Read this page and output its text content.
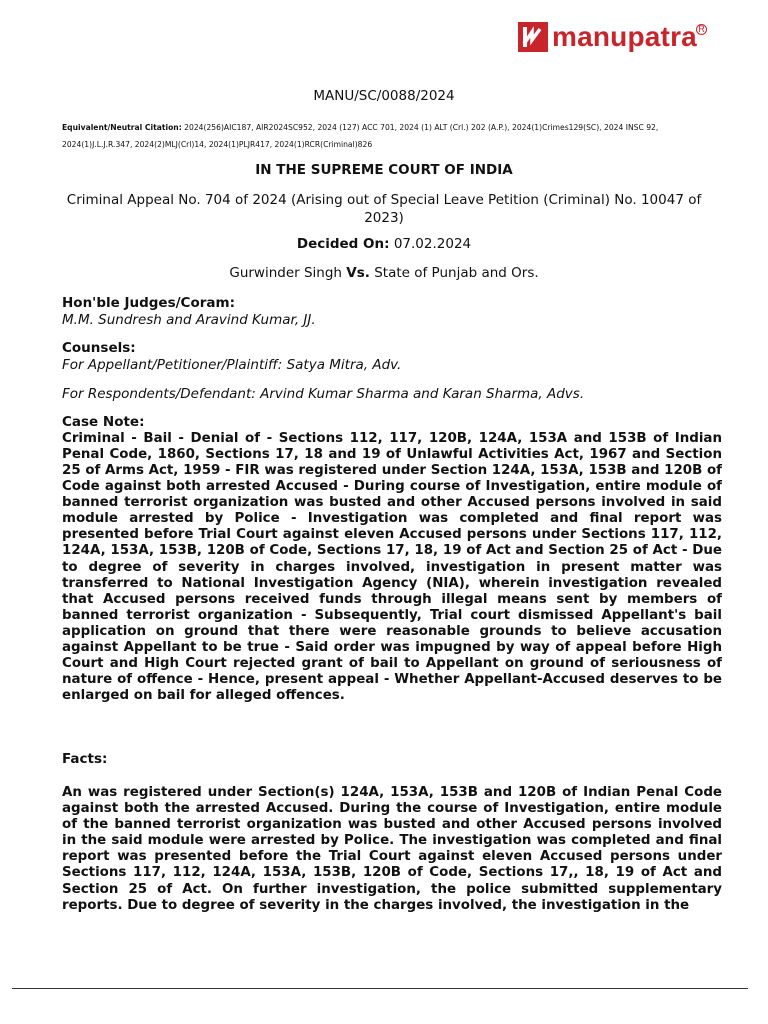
manupatra R
MANU/SC/0088/2024
Equivalent/Neutral Citation: 2024(256)AIC187, AIR2024SC952, 2024 (127) ACC 701, 2024 (1) ALT (Crl.) 202 (A.P.), 2024(1)Crimes129(SC), 2024 INSC 92, 2024(1)J.L.J.R.347, 2024(2)MLJ(Crl)14, 2024(1)PLJR417, 2024(1)RCR(Criminal)826
IN THE SUPREME COURT OF INDIA
Criminal Appeal No. 704 of 2024 (Arising out of Special Leave Petition (Criminal) No. 10047 of 2023)
Decided On: 07.02.2024
Gurwinder Singh Vs. State of Punjab and Ors.
Hon'ble Judges/Coram:
M.M. Sundresh and Aravind Kumar, JJ.
Counsels:
For Appellant/Petitioner/Plaintiff: Satya Mitra, Adv.
For Respondents/Defendant: Arvind Kumar Sharma and Karan Sharma, Advs.
Case Note:
Criminal - Bail - Denial of - Sections 112, 117, 120B, 124A, 153A and 153B of Indian Penal Code, 1860, Sections 17, 18 and 19 of Unlawful Activities Act, 1967 and Section 25 of Arms Act, 1959 - FIR was registered under Section 124A, 153A, 153B and 120B of Code against both arrested Accused - During course of Investigation, entire module of banned terrorist organization was busted and other Accused persons involved in said module arrested by Police - Investigation was completed and final report was presented before Trial Court against eleven Accused persons under Sections 117, 112, 124A, 153A, 153B, 120B of Code, Sections 17, 18, 19 of Act and Section 25 of Act - Due to degree of severity in charges involved, investigation in present matter was transferred to National Investigation Agency (NIA), wherein investigation revealed that Accused persons received funds through illegal means sent by members of banned terrorist organization - Subsequently, Trial court dismissed Appellant's bail application on ground that there were reasonable grounds to believe accusation against Appellant to be true - Said order was impugned by way of appeal before High Court and High Court rejected grant of bail to Appellant on ground of seriousness of nature of offence - Hence, present appeal - Whether Appellant-Accused deserves to be enlarged on bail for alleged offences.
Facts:
An was registered under Section(s) 124A, 153A, 153B and 120B of Indian Penal Code against both the arrested Accused. During the course of Investigation, entire module of the banned terrorist organization was busted and other Accused persons involved in the said module were arrested by Police. The investigation was completed and final report was presented before the Trial Court against eleven Accused persons under Sections 117, 112, 124A, 153A, 153B, 120B of Code, Sections 17,, 18, 19 of Act and Section 25 of Act. On further investigation, the police submitted supplementary reports. Due to degree of severity in the charges involved, the investigation in the
